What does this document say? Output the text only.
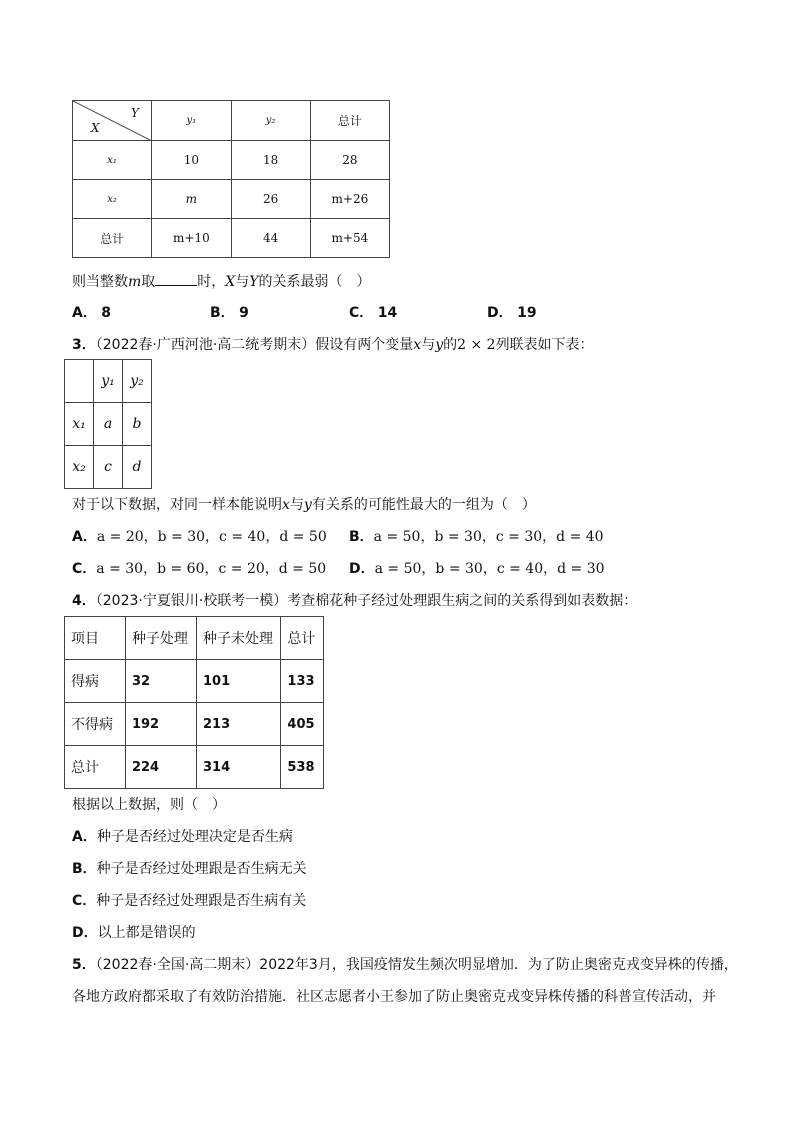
Y
X	y₁	y₂	总计
x₁	10	18	28
x₂	m	26	m+26
总计	m+10	44	m+54
则当整数m取	时，X与Y的关系最弱（　）
A． 8	B． 9	C． 14	D． 19
3．（2022春·广西河池·高二统考期末）假设有两个变量x与y的2 × 2列联表如下表：
	y₁	y₂
x₁	a	b
x₂	c	d
对于以下数据，对同一样本能说明x与y有关系的可能性最大的一组为（　）
A．a = 20，b = 30，c = 40，d = 50 B．a = 50，b = 30，c = 30，d = 40
C．a = 30，b = 60，c = 20，d = 50 D．a = 50，b = 30，c = 40，d = 30
4．（2023·宁夏银川·校联考一模）考查棉花种子经过处理跟生病之间的关系得到如表数据：
项目	种子处理	种子未处理	总计
得病	32	101	133
不得病	192	213	405
总计	224	314	538
根据以上数据，则（　）
A．种子是否经过处理决定是否生病
B．种子是否经过处理跟是否生病无关
C．种子是否经过处理跟是否生病有关
D．以上都是错误的
5．（2022春·全国·高二期末）2022年3月，我国疫情发生频次明显增加．为了防止奥密克戎变异株的传播，
各地方政府都采取了有效防治措施．社区志愿者小王参加了防止奥密克戎变异株传播的科普宣传活动，并
